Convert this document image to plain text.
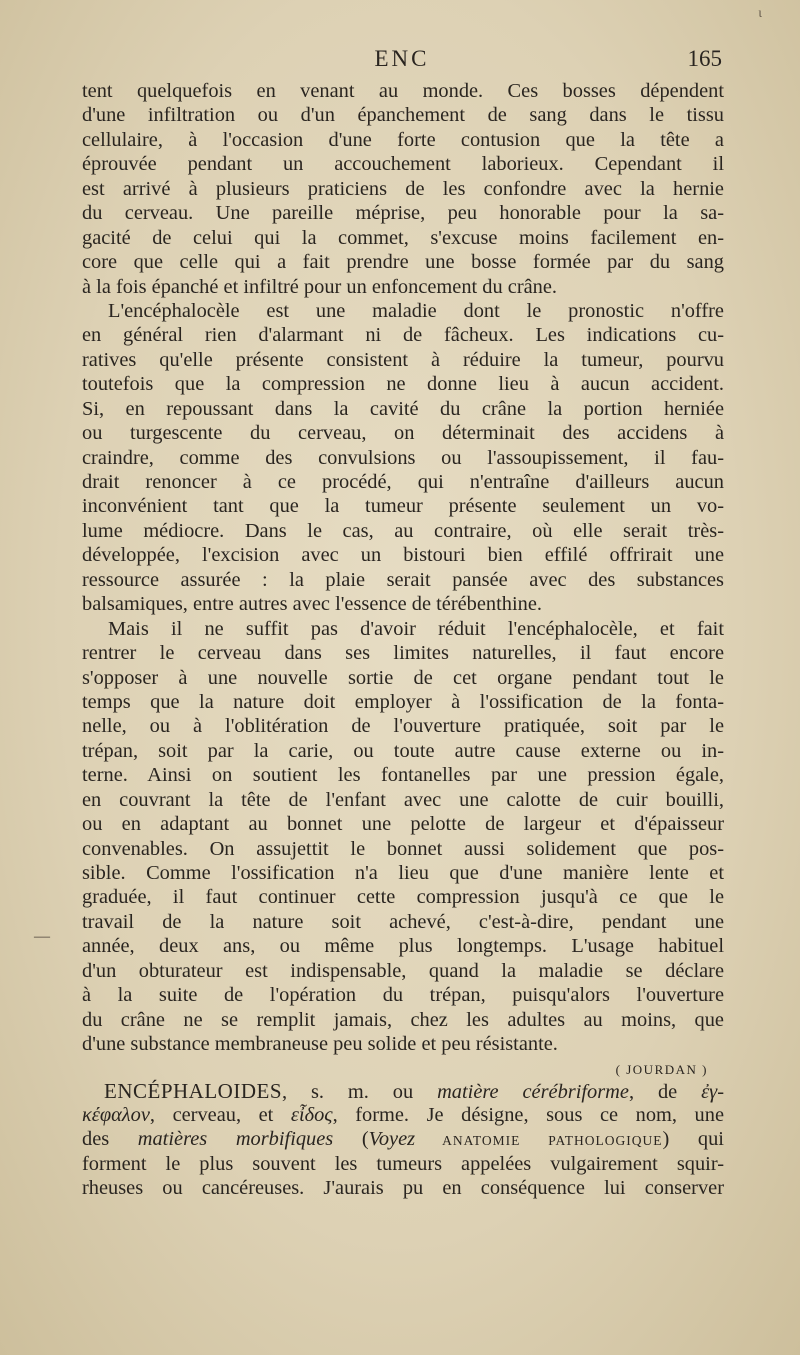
ι
—
ENC	165
tent quelquefois en venant au monde. Ces bosses dépendent
d'une infiltration ou d'un épanchement de sang dans le tissu
cellulaire, à l'occasion d'une forte contusion que la tête a
éprouvée pendant un accouchement laborieux. Cependant il
est arrivé à plusieurs praticiens de les confondre avec la hernie
du cerveau. Une pareille méprise, peu honorable pour la sa-
gacité de celui qui la commet, s'excuse moins facilement en-
core que celle qui a fait prendre une bosse formée par du sang
à la fois épanché et infiltré pour un enfoncement du crâne.
L'encéphalocèle est une maladie dont le pronostic n'offre
en général rien d'alarmant ni de fâcheux. Les indications cu-
ratives qu'elle présente consistent à réduire la tumeur, pourvu
toutefois que la compression ne donne lieu à aucun accident.
Si, en repoussant dans la cavité du crâne la portion herniée
ou turgescente du cerveau, on déterminait des accidens à
craindre, comme des convulsions ou l'assoupissement, il fau-
drait renoncer à ce procédé, qui n'entraîne d'ailleurs aucun
inconvénient tant que la tumeur présente seulement un vo-
lume médiocre. Dans le cas, au contraire, où elle serait très-
développée, l'excision avec un bistouri bien effilé offrirait une
ressource assurée : la plaie serait pansée avec des substances
balsamiques, entre autres avec l'essence de térébenthine.
Mais il ne suffit pas d'avoir réduit l'encéphalocèle, et fait
rentrer le cerveau dans ses limites naturelles, il faut encore
s'opposer à une nouvelle sortie de cet organe pendant tout le
temps que la nature doit employer à l'ossification de la fonta-
nelle, ou à l'oblitération de l'ouverture pratiquée, soit par le
trépan, soit par la carie, ou toute autre cause externe ou in-
terne. Ainsi on soutient les fontanelles par une pression égale,
en couvrant la tête de l'enfant avec une calotte de cuir bouilli,
ou en adaptant au bonnet une pelotte de largeur et d'épaisseur
convenables. On assujettit le bonnet aussi solidement que pos-
sible. Comme l'ossification n'a lieu que d'une manière lente et
graduée, il faut continuer cette compression jusqu'à ce que le
travail de la nature soit achevé, c'est-à-dire, pendant une
année, deux ans, ou même plus longtemps. L'usage habituel
d'un obturateur est indispensable, quand la maladie se déclare
à la suite de l'opération du trépan, puisqu'alors l'ouverture
du crâne ne se remplit jamais, chez les adultes au moins, que
d'une substance membraneuse peu solide et peu résistante.
( JOURDAN )
ENCÉPHALOIDES, s. m. ou matière cérébriforme, de ἐγ-
κέφαλον, cerveau, et εἶδος, forme. Je désigne, sous ce nom, une
des matières morbifiques (Voyez ANATOMIE PATHOLOGIQUE) qui
forment le plus souvent les tumeurs appelées vulgairement squir-
rheuses ou cancéreuses. J'aurais pu en conséquence lui conserver
